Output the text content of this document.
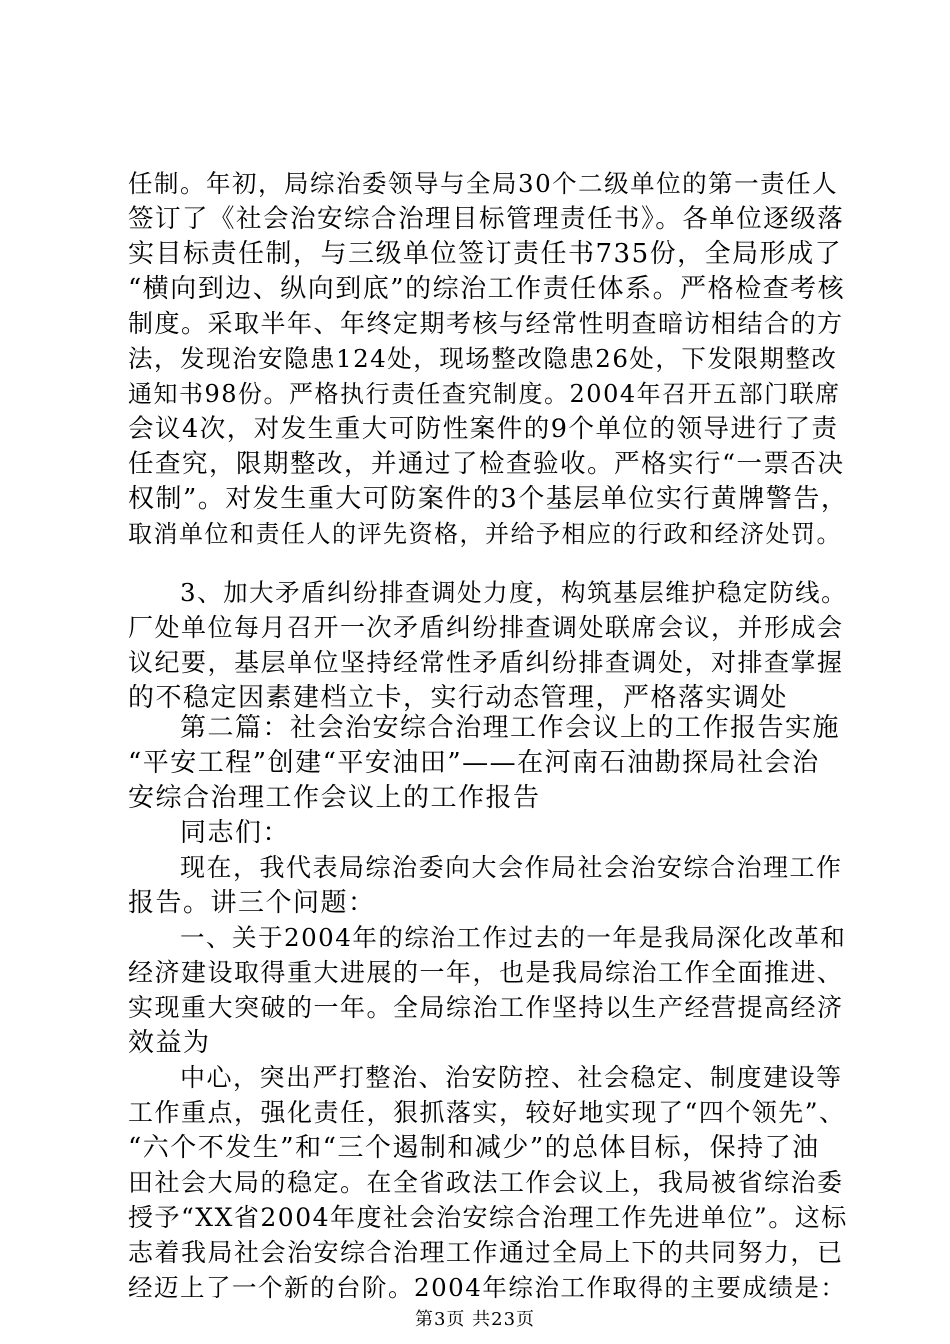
任制。年初，局综治委领导与全局30个二级单位的第一责任人
签订了《社会治安综合治理目标管理责任书》。各单位逐级落
实目标责任制，与三级单位签订责任书735份，全局形成了
“横向到边、纵向到底”的综治工作责任体系。严格检查考核
制度。采取半年、年终定期考核与经常性明查暗访相结合的方
法，发现治安隐患124处，现场整改隐患26处，下发限期整改
通知书98份。严格执行责任查究制度。2004年召开五部门联席
会议4次，对发生重大可防性案件的9个单位的领导进行了责
任查究，限期整改，并通过了检查验收。严格实行“一票否决
权制”。对发生重大可防案件的3个基层单位实行黄牌警告，
取消单位和责任人的评先资格，并给予相应的行政和经济处罚。
3、加大矛盾纠纷排查调处力度，构筑基层维护稳定防线。
厂处单位每月召开一次矛盾纠纷排查调处联席会议，并形成会
议纪要，基层单位坚持经常性矛盾纠纷排查调处，对排查掌握
的不稳定因素建档立卡，实行动态管理，严格落实调处
第二篇：社会治安综合治理工作会议上的工作报告实施
“平安工程”创建“平安油田”——在河南石油勘探局社会治
安综合治理工作会议上的工作报告
同志们：
现在，我代表局综治委向大会作局社会治安综合治理工作
报告。讲三个问题：
一、关于2004年的综治工作过去的一年是我局深化改革和
经济建设取得重大进展的一年，也是我局综治工作全面推进、
实现重大突破的一年。全局综治工作坚持以生产经营提高经济
效益为
中心，突出严打整治、治安防控、社会稳定、制度建设等
工作重点，强化责任，狠抓落实，较好地实现了“四个领先”、
“六个不发生”和“三个遏制和减少”的总体目标，保持了油
田社会大局的稳定。在全省政法工作会议上，我局被省综治委
授予“XX省2004年度社会治安综合治理工作先进单位”。这标
志着我局社会治安综合治理工作通过全局上下的共同努力，已
经迈上了一个新的台阶。2004年综治工作取得的主要成绩是：
第3页 共23页
